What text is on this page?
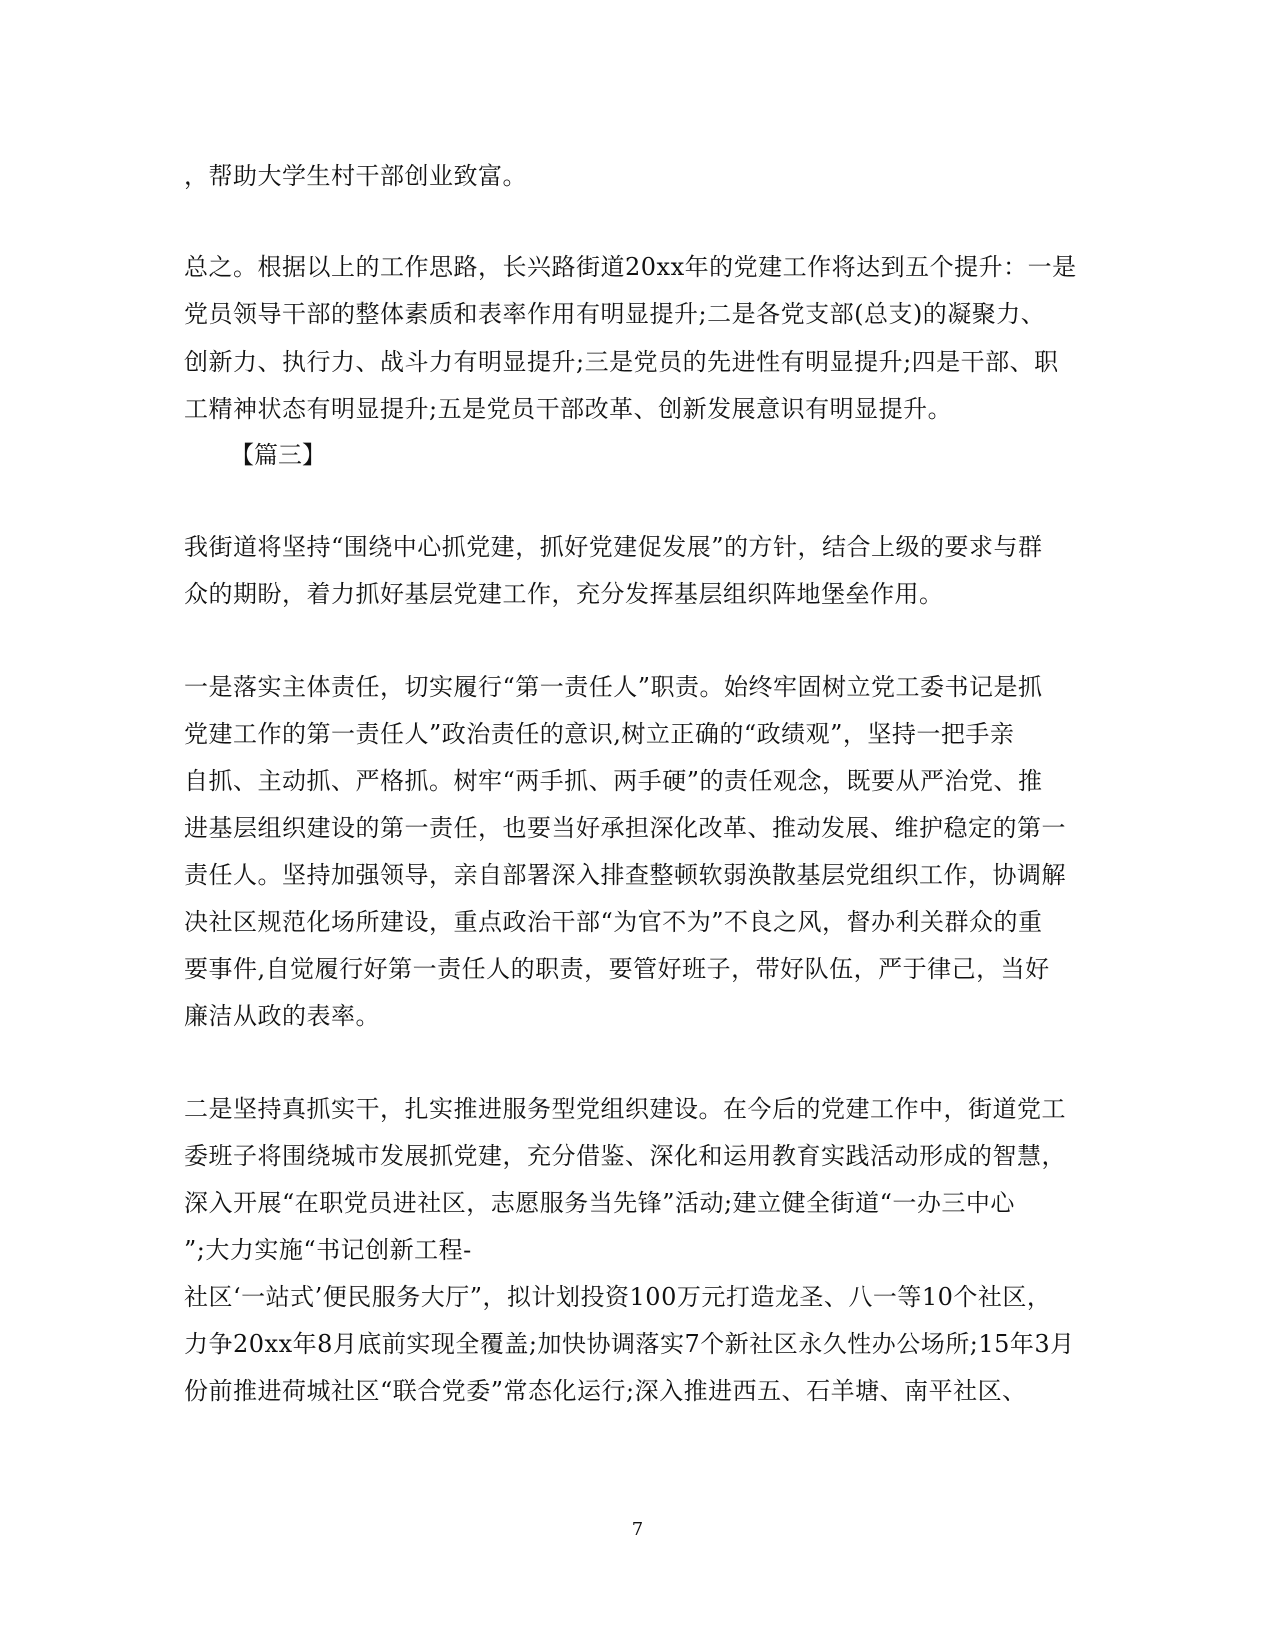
，帮助大学生村干部创业致富。
总之。根据以上的工作思路，长兴路街道20xx年的党建工作将达到五个提升：一是
党员领导干部的整体素质和表率作用有明显提升;二是各党支部(总支)的凝聚力、
创新力、执行力、战斗力有明显提升;三是党员的先进性有明显提升;四是干部、职
工精神状态有明显提升;五是党员干部改革、创新发展意识有明显提升。
【篇三】
我街道将坚持“围绕中心抓党建，抓好党建促发展”的方针，结合上级的要求与群
众的期盼，着力抓好基层党建工作，充分发挥基层组织阵地堡垒作用。
一是落实主体责任，切实履行“第一责任人”职责。始终牢固树立党工委书记是抓
党建工作的第一责任人”政治责任的意识,树立正确的“政绩观”，坚持一把手亲
自抓、主动抓、严格抓。树牢“两手抓、两手硬”的责任观念，既要从严治党、推
进基层组织建设的第一责任，也要当好承担深化改革、推动发展、维护稳定的第一
责任人。坚持加强领导，亲自部署深入排查整顿软弱涣散基层党组织工作，协调解
决社区规范化场所建设，重点政治干部“为官不为”不良之风，督办利关群众的重
要事件,自觉履行好第一责任人的职责，要管好班子，带好队伍，严于律己，当好
廉洁从政的表率。
二是坚持真抓实干，扎实推进服务型党组织建设。在今后的党建工作中，街道党工
委班子将围绕城市发展抓党建，充分借鉴、深化和运用教育实践活动形成的智慧，
深入开展“在职党员进社区，志愿服务当先锋”活动;建立健全街道“一办三中心
”;大力实施“书记创新工程-
社区‘一站式’便民服务大厅”，拟计划投资100万元打造龙圣、八一等10个社区，
力争20xx年8月底前实现全覆盖;加快协调落实7个新社区永久性办公场所;15年3月
份前推进荷城社区“联合党委”常态化运行;深入推进西五、石羊塘、南平社区、
7
